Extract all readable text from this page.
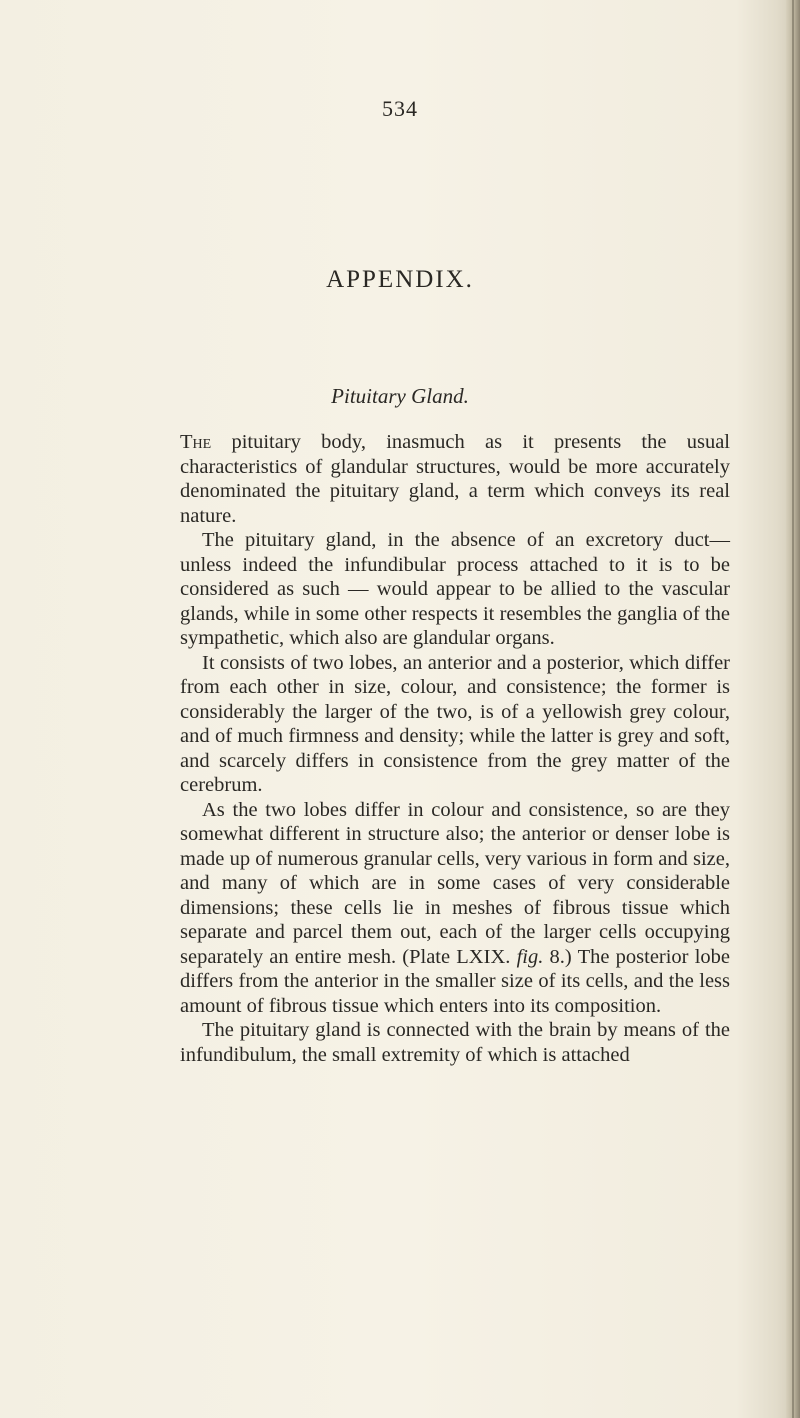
534
APPENDIX.
Pituitary Gland.

The pituitary body, inasmuch as it presents the usual characteristics of glandular structures, would be more accurately denominated the pituitary gland, a term which conveys its real nature.

The pituitary gland, in the absence of an excretory duct— unless indeed the infundibular process attached to it is to be considered as such — would appear to be allied to the vascular glands, while in some other respects it resembles the ganglia of the sympathetic, which also are glandular organs.

It consists of two lobes, an anterior and a posterior, which differ from each other in size, colour, and consistence; the former is considerably the larger of the two, is of a yellowish grey colour, and of much firmness and density; while the latter is grey and soft, and scarcely differs in consistence from the grey matter of the cerebrum.

As the two lobes differ in colour and consistence, so are they somewhat different in structure also; the anterior or denser lobe is made up of numerous granular cells, very various in form and size, and many of which are in some cases of very considerable dimensions; these cells lie in meshes of fibrous tissue which separate and parcel them out, each of the larger cells occupying separately an entire mesh. (Plate LXIX. fig. 8.) The posterior lobe differs from the anterior in the smaller size of its cells, and the less amount of fibrous tissue which enters into its composition.

The pituitary gland is connected with the brain by means of the infundibulum, the small extremity of which is attached
